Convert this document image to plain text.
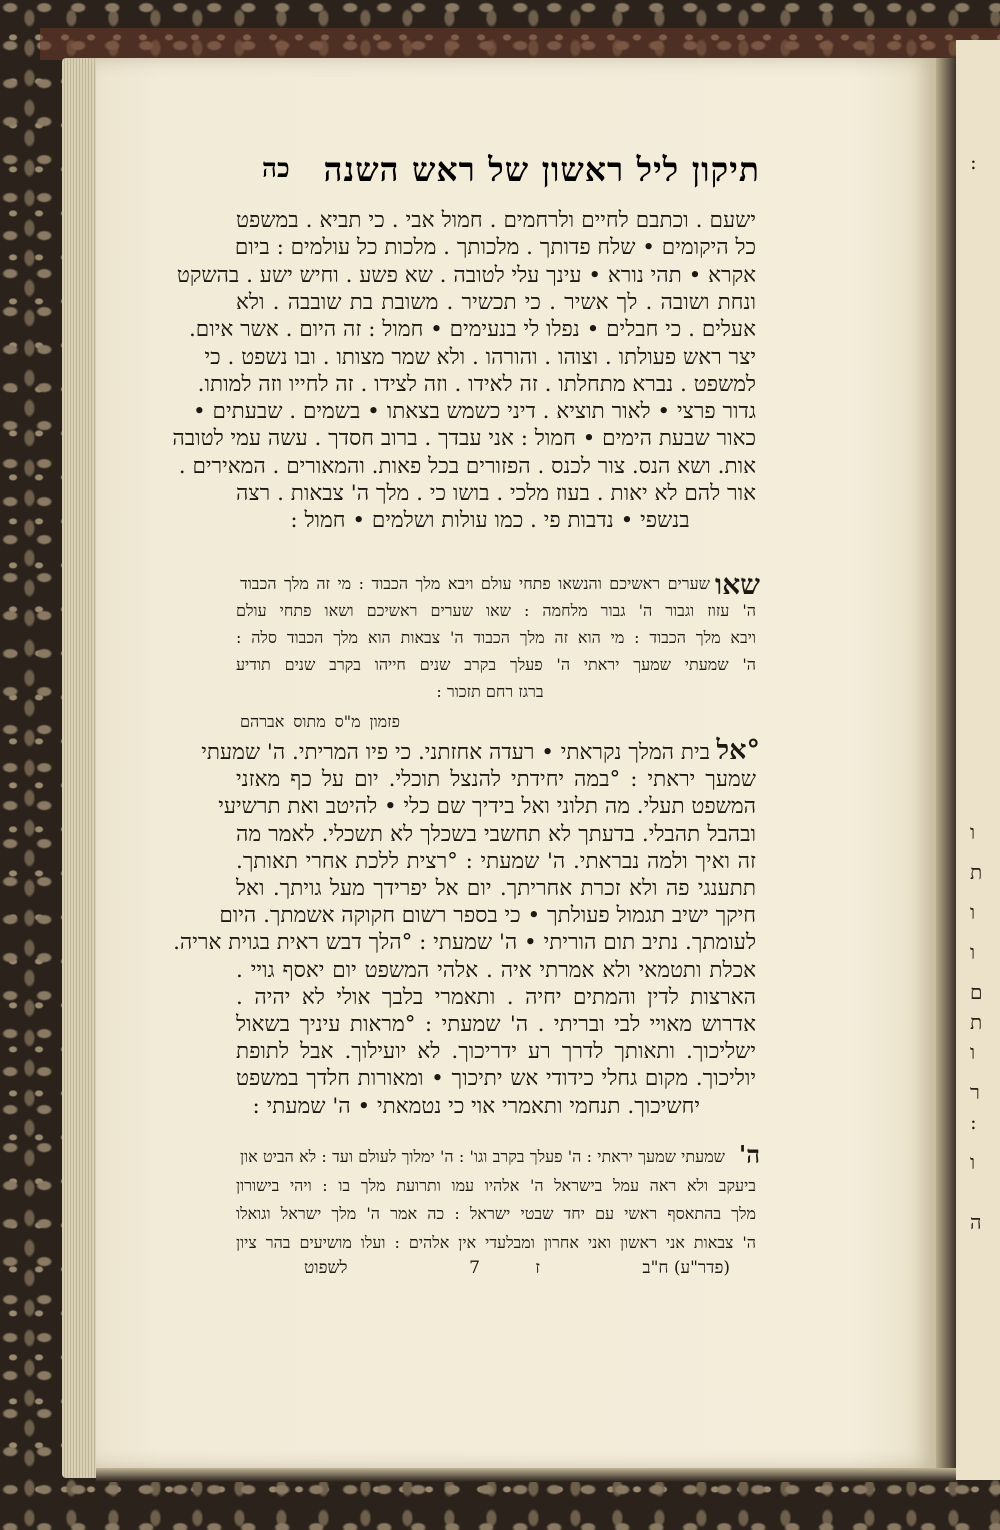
:
ו
ת
ו
ו
ם
ת
ו
ר
:
ו
ה
תיקון ליל ראשון של ראש השנה
כה
ישעם . וכתבם לחיים ולרחמים . חמול אבי . כי תביא . במשפט
כל היקומים • שלח פדותך . מלכותך . מלכות כל עולמים : ביום
אקרא • תהי נורא • עינך עלי לטובה . שא פשע . וחיש ישע . בהשקט
ונחת ושובה . לך אשיר . כי תכשיר . משובת בת שובבה . ולא
אעלים . כי חבלים • נפלו לי בנעימים • חמול : זה היום . אשר איום.
יצר ראש פעולתו . וצוהו . והורהו . ולא שמר מצותו . ובו נשפט . כי
למשפט . נברא מתחלתו . זה לאידו . וזה לצידו . זה לחייו וזה למותו.
גדור פרצי • לאור תוציא . דיני כשמש בצאתו • בשמים . שבעתים •
כאור שבעת הימים • חמול : אני עבדך . ברוב חסדך . עשה עמי לטובה
אות. ושא הנס. צור לכנס . הפזורים בכל פאות. והמאורים . המאירים .
אור להם לא יאות . בעוז מלכי . בושו כי . מלך ה' צבאות . רצה
בנשפי • נדבות פי . כמו עולות ושלמים • חמול :
שאו
שערים ראשיכם והנשאו פתחי עולם ויבא מלך הכבוד : מי זה מלך הכבוד
ה' עזוז וגבור ה' גבור מלחמה : שאו שערים ראשיכם ושאו פתחי עולם
ויבא מלך הכבוד : מי הוא זה מלך הכבוד ה' צבאות הוא מלך הכבוד סלה :
ה' שמעתי שמעך יראתי ה' פעלך בקרב שנים חייהו בקרב שנים תודיע
ברגז רחם תזכור :
פזמון מ"ס מתוס אברהם
°אל
בית המלך נקראתי • רעדה אחזתני. כי פיו המריתי. ה' שמעתי
שמעך יראתי : °במה יחידתי להנצל תוכלי. יום על כף מאזני
המשפט תעלי. מה תלוני ואל בידיך שם כלי • להיטב ואת תרשיעי
ובהבל תהבלי. בדעתך לא תחשבי בשכלך לא תשכלי. לאמר מה
זה ואיך ולמה נבראתי. ה' שמעתי : °רצית ללכת אחרי תאותך.
תתענגי פה ולא זכרת אחריתך. יום אל יפרידך מעל גויתך. ואל
חיקך ישיב תגמול פעולתך • כי בספר רשום חקוקה אשמתך. היום
לעומתך. נתיב תום הוריתי • ה' שמעתי : °הלך דבש ראית בגוית אריה.
אכלת ותטמאי ולא אמרתי איה . אלהי המשפט יום יאסף גויי .
הארצות לדין והמתים יחיה . ותאמרי בלבך אולי לא יהיה .
אדרוש מאויי לבי ובריתי . ה' שמעתי : °מראות עיניך בשאול
ישליכוך. ותאותך לדרך רע ידריכוך. לא יועילוך. אבל לתופת
יוליכוך. מקום גחלי כידודי אש יתיכוך • ומאורות חלדך במשפט
יחשיכוך. תנחמי ותאמרי אוי כי נטמאתי • ה' שמעתי :
ה'
שמעתי שמעך יראתי : ה' פעלך בקרב וגו' : ה' ימלוך לעולם ועד : לא הביט און
ביעקב ולא ראה עמל בישראל ה' אלהיו עמו ותרועת מלך בו : ויהי בישורון
מלך בהתאסף ראשי עם יחד שבטי ישראל : כה אמר ה' מלך ישראל וגואלו
ה' צבאות אני ראשון ואני אחרון ומבלעדי אין אלהים : ועלו מושיעים בהר ציון
(פדר"ע) ח"ב
ז
7
לשפוט
